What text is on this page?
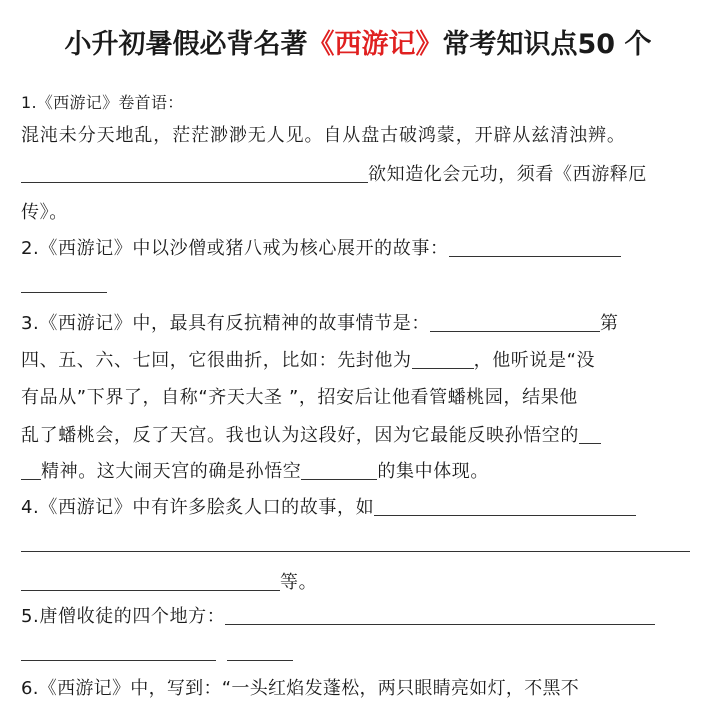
小升初暑假必背名著《西游记》常考知识点50 个
1.《西游记》卷首语：
混沌未分天地乱，茫茫渺渺无人见。自从盘古破鸿蒙，开辟从兹清浊辨。
欲知造化会元功，须看《西游释厄
传》。
2.《西游记》中以沙僧或猪八戒为核心展开的故事：
3.《西游记》中，最具有反抗精神的故事情节是：	第
四、五、六、七回，它很曲折，比如：先封他为	，他听说是“没
有品从”下界了，自称“齐天大圣 ”，招安后让他看管蟠桃园，结果他
乱了蟠桃会，反了天宫。我也认为这段好，因为它最能反映孙悟空的
精神。这大闹天宫的确是孙悟空	的集中体现。
4.《西游记》中有许多脍炙人口的故事，如
等。
5.唐僧收徒的四个地方：
6.《西游记》中，写到：“一头红焰发蓬松，两只眼睛亮如灯，不黑不
